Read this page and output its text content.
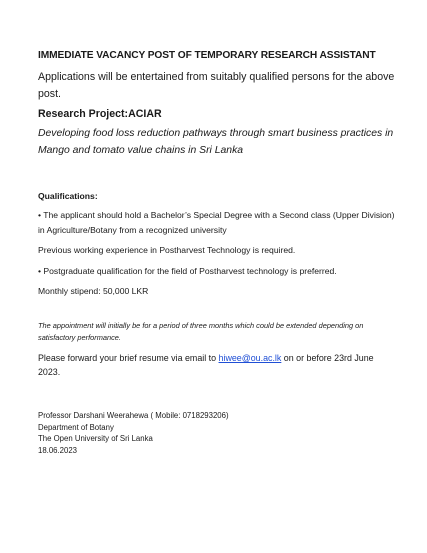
IMMEDIATE VACANCY POST OF TEMPORARY RESEARCH ASSISTANT
Applications will be entertained from suitably qualified persons for the above post.
Research Project:ACIAR
Developing food loss reduction pathways through smart business practices in Mango and tomato value chains in Sri Lanka
Qualifications:
• The applicant should hold a Bachelor’s Special Degree with a Second class (Upper Division) in Agriculture/Botany from a recognized university
Previous working experience in Postharvest Technology is required.
• Postgraduate qualification for the field of Postharvest technology is preferred.
Monthly stipend: 50,000 LKR
The appointment will initially be for a period of three months which could be extended depending on satisfactory performance.
Please forward your brief resume via email to hiwee@ou.ac.lk on or before 23rd June 2023.
Professor Darshani Weerahewa ( Mobile: 0718293206)
Department of Botany
The Open University of Sri Lanka
18.06.2023
